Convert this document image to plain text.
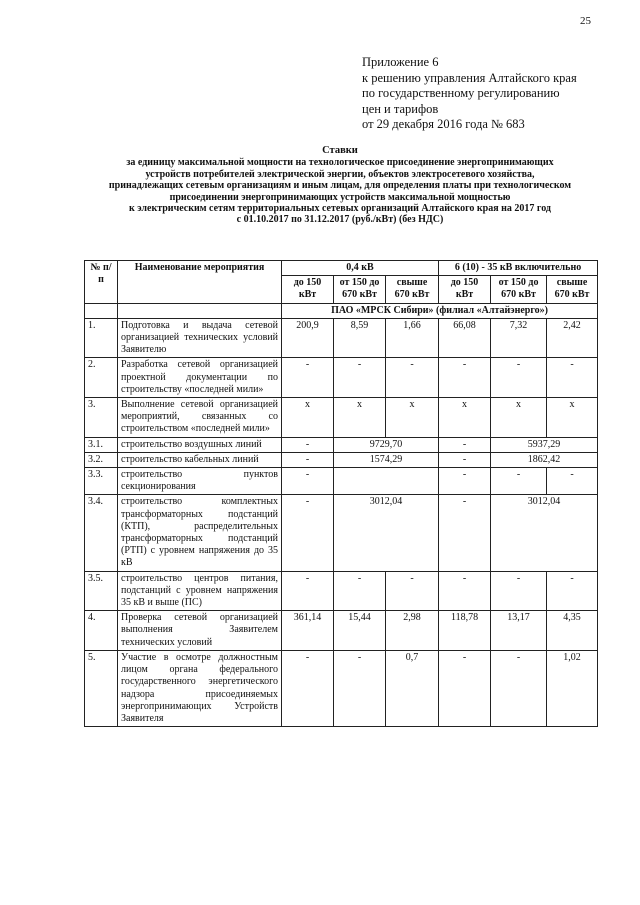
25
Приложение 6
к решению управления Алтайского края
по государственному регулированию
цен и тарифов
от 29 декабря 2016 года № 683
Ставки
за единицу максимальной мощности на технологическое присоединение энергопринимающих
устройств потребителей электрической энергии, объектов электросетевого хозяйства,
принадлежащих сетевым организациям и иным лицам, для определения платы при технологическом
присоединении энергопринимающих устройств максимальной мощностью
к электрическим сетям территориальных сетевых организаций Алтайского края на 2017 год
с 01.10.2017 по 31.12.2017 (руб./кВт) (без НДС)
№ п/п	Наименование мероприятия	0,4 кВ			6 (10) - 35 кВ включительно		
		до 150 кВт	от 150 до 670 кВт	свыше 670 кВт	до 150 кВт	от 150 до 670 кВт	свыше 670 кВт
		ПАО «МРСК Сибири» (филиал «Алтайэнерго»)					
1.	Подготовка и выдача сетевой организацией технических условий Заявителю	200,9	8,59	1,66	66,08	7,32	2,42
2.	Разработка сетевой организацией проектной документации по строительству «последней мили»	-	-	-	-	-	-
3.	Выполнение сетевой организацией мероприятий, связанных со строительством «последней мили»	х	х	х	х	х	х
3.1.	строительство воздушных линий	-	9729,70		-	5937,29	
3.2.	строительство кабельных линий	-	1574,29		-	1862,42	
3.3.	строительство пунктов секционирования	-			-	-	-
3.4.	строительство комплектных трансформаторных подстанций (КТП), распределительных трансформаторных подстанций (РТП) с уровнем напряжения до 35 кВ	-	3012,04		-	3012,04	
3.5.	строительство центров питания, подстанций с уровнем напряжения 35 кВ и выше (ПС)	-	-	-	-	-	-
4.	Проверка сетевой организацией выполнения Заявителем технических условий	361,14	15,44	2,98	118,78	13,17	4,35
5.	Участие в осмотре должностным лицом органа федерального государственного энергетического надзора присоединяемых энергопринимающих Устройств Заявителя	-	-	0,7	-	-	1,02
